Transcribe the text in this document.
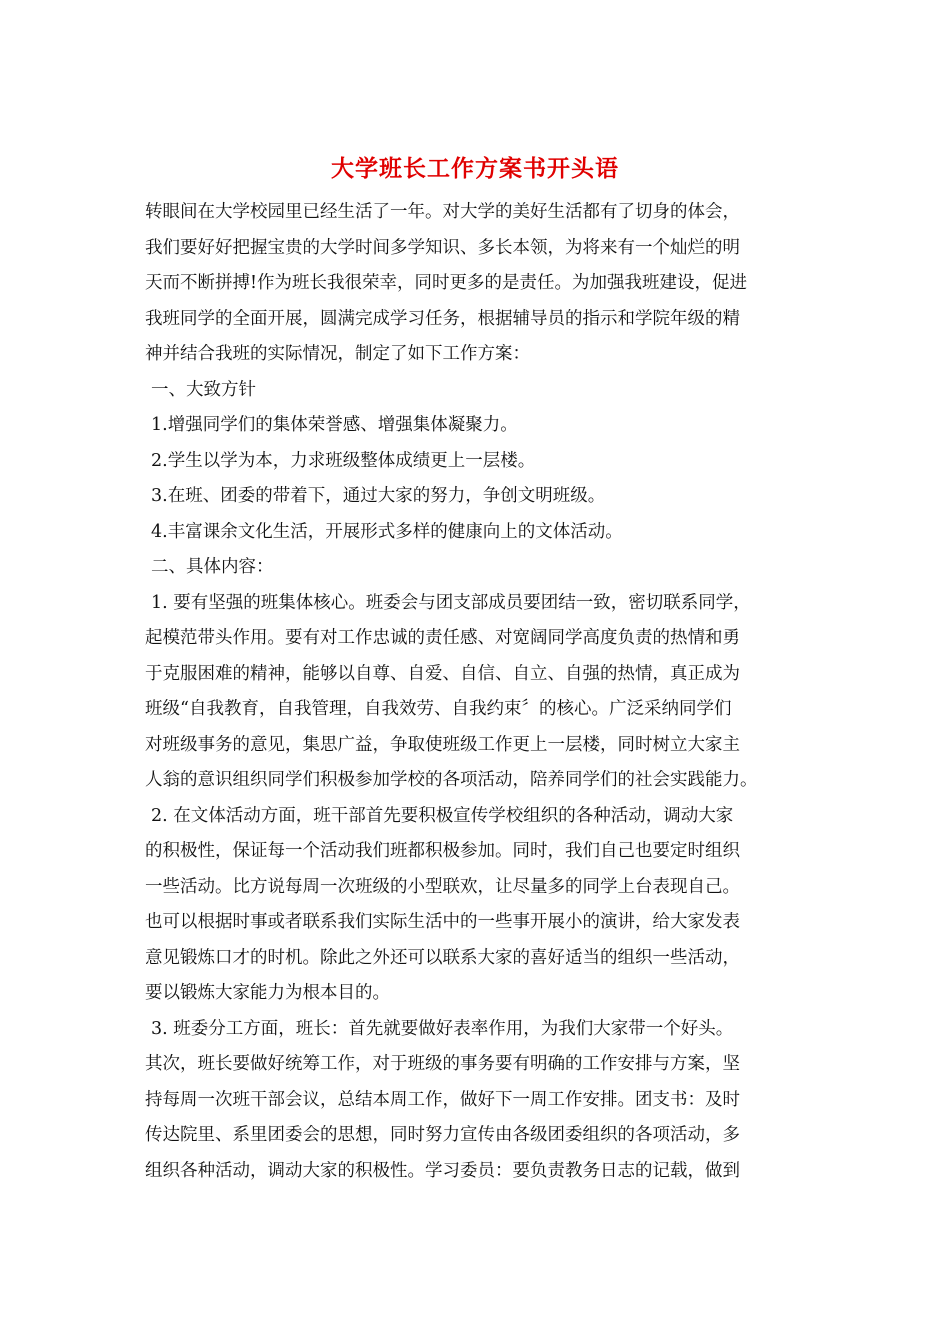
大学班长工作方案书开头语
转眼间在大学校园里已经生活了一年。对大学的美好生活都有了切身的体会，
我们要好好把握宝贵的大学时间多学知识、多长本领，为将来有一个灿烂的明
天而不断拼搏!作为班长我很荣幸，同时更多的是责任。为加强我班建设，促进
我班同学的全面开展，圆满完成学习任务，根据辅导员的指示和学院年级的精
神并结合我班的实际情况，制定了如下工作方案：
一、大致方针
1.增强同学们的集体荣誉感、增强集体凝聚力。
2.学生以学为本，力求班级整体成绩更上一层楼。
3.在班、团委的带着下，通过大家的努力，争创文明班级。
4.丰富课余文化生活，开展形式多样的健康向上的文体活动。
二、具体内容：
1. 要有坚强的班集体核心。班委会与团支部成员要团结一致，密切联系同学，
起模范带头作用。要有对工作忠诚的责任感、对宽阔同学高度负责的热情和勇
于克服困难的精神，能够以自尊、自爱、自信、自立、自强的热情，真正成为
班级“自我教育，自我管理，自我效劳、自我约束〞的核心。广泛采纳同学们
对班级事务的意见，集思广益，争取使班级工作更上一层楼，同时树立大家主
人翁的意识组织同学们积极参加学校的各项活动，陪养同学们的社会实践能力。
2. 在文体活动方面，班干部首先要积极宣传学校组织的各种活动，调动大家
的积极性，保证每一个活动我们班都积极参加。同时，我们自己也要定时组织
一些活动。比方说每周一次班级的小型联欢，让尽量多的同学上台表现自己。
也可以根据时事或者联系我们实际生活中的一些事开展小的演讲，给大家发表
意见锻炼口才的时机。除此之外还可以联系大家的喜好适当的组织一些活动，
要以锻炼大家能力为根本目的。
3. 班委分工方面，班长：首先就要做好表率作用，为我们大家带一个好头。
其次，班长要做好统筹工作，对于班级的事务要有明确的工作安排与方案，坚
持每周一次班干部会议，总结本周工作，做好下一周工作安排。团支书：及时
传达院里、系里团委会的思想，同时努力宣传由各级团委组织的各项活动，多
组织各种活动，调动大家的积极性。学习委员：要负责教务日志的记载，做到
